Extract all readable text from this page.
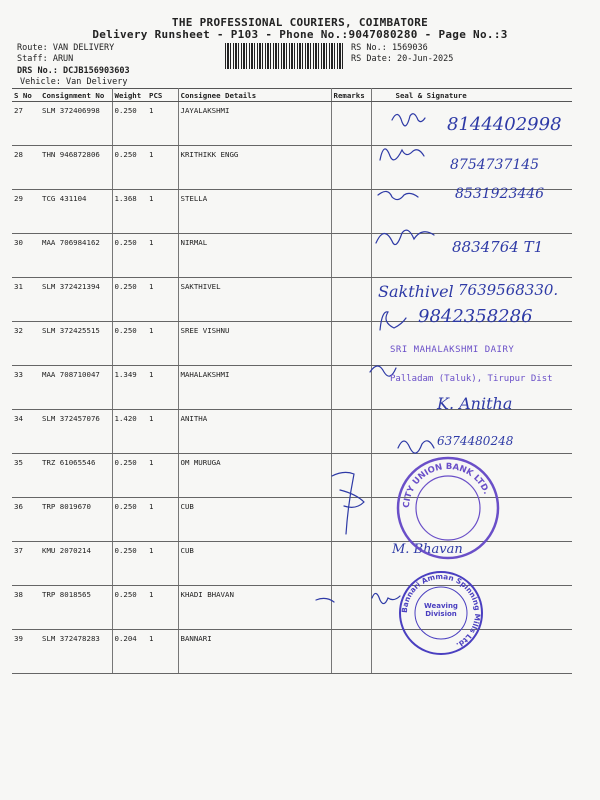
THE PROFESSIONAL COURIERS, COIMBATORE
Delivery Runsheet - P103 - Phone No.:9047080280 - Page No.:3
Route: VAN DELIVERY
Staff: ARUN
DRS No.: DCJB156903603
Vehicle: Van Delivery
RS No.: 1569036
RS Date: 20-Jun-2025
S No	Consignment No	Weight	PCS	Consignee Details	Remarks	Seal & Signature
27	SLM 372406998	0.250	1	JAYALAKSHMI		
28	THN 946872806	0.250	1	KRITHIKK ENGG		
29	TCG 431104	1.368	1	STELLA		
30	MAA 706984162	0.250	1	NIRMAL		
31	SLM 372421394	0.250	1	SAKTHIVEL		
32	SLM 372425515	0.250	1	SREE VISHNU		
33	MAA 708710047	1.349	1	MAHALAKSHMI		
34	SLM 372457076	1.420	1	ANITHA		
35	TRZ 61065546	0.250	1	OM MURUGA		
36	TRP 8019670	0.250	1	CUB		
37	KMU 2070214	0.250	1	CUB		
38	TRP 8018565	0.250	1	KHADI BHAVAN		
39	SLM 372478283	0.204	1	BANNARI		
8144402998
8754737145
8531923446
8834764 T1
Sakthivel 7639568330.
9842358286
K. Anitha
6374480248
M. Bhavan
SRI MAHALAKSHMI DAIRY
Palladam (Taluk), Tirupur Dist
CITY UNION BANK LTD.
Bannari Amman Spinning Mills Ltd.
Weaving Division
